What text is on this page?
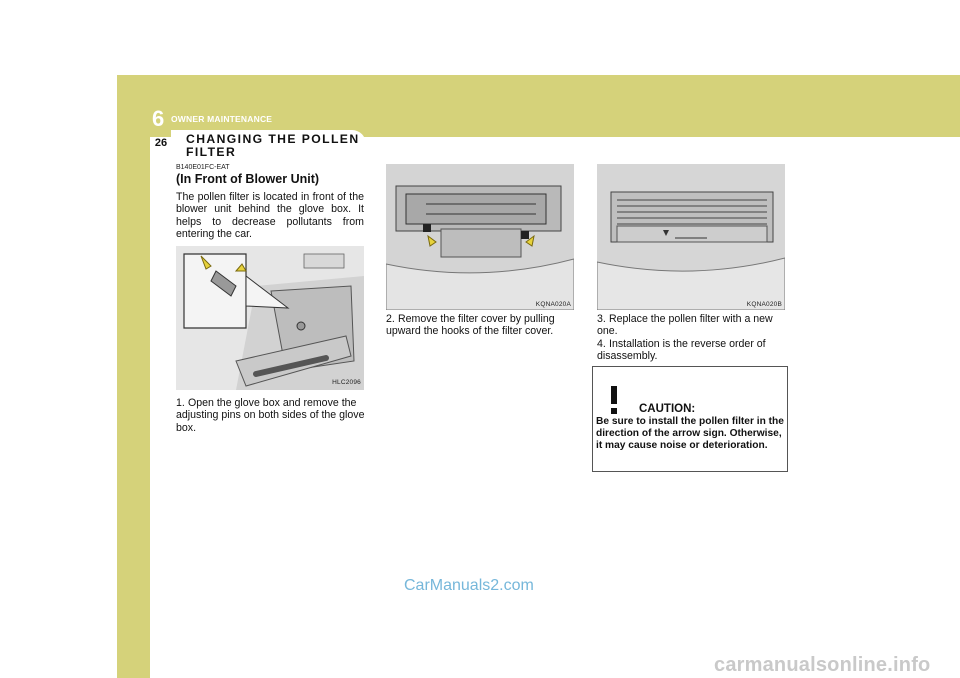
6 OWNER MAINTENANCE
26	CHANGING THE POLLEN FILTER
B140E01FC-EAT
(In Front of Blower Unit)
The pollen filter is located in front of the blower unit behind the glove box. It helps to decrease pollutants from entering the car.
HLC2096
1. Open the glove box and remove the adjusting pins on both sides of the glove box.
KQNA020A
2. Remove the filter cover by pulling upward the hooks of the filter cover.
KQNA020B
3. Replace the pollen filter with a new one.
4. Installation is the reverse order of disassembly.
CAUTION:
Be sure to install the pollen filter in the direction of the arrow sign. Otherwise, it may cause noise or deterioration.
CarManuals2.com
carmanualsonline.info
